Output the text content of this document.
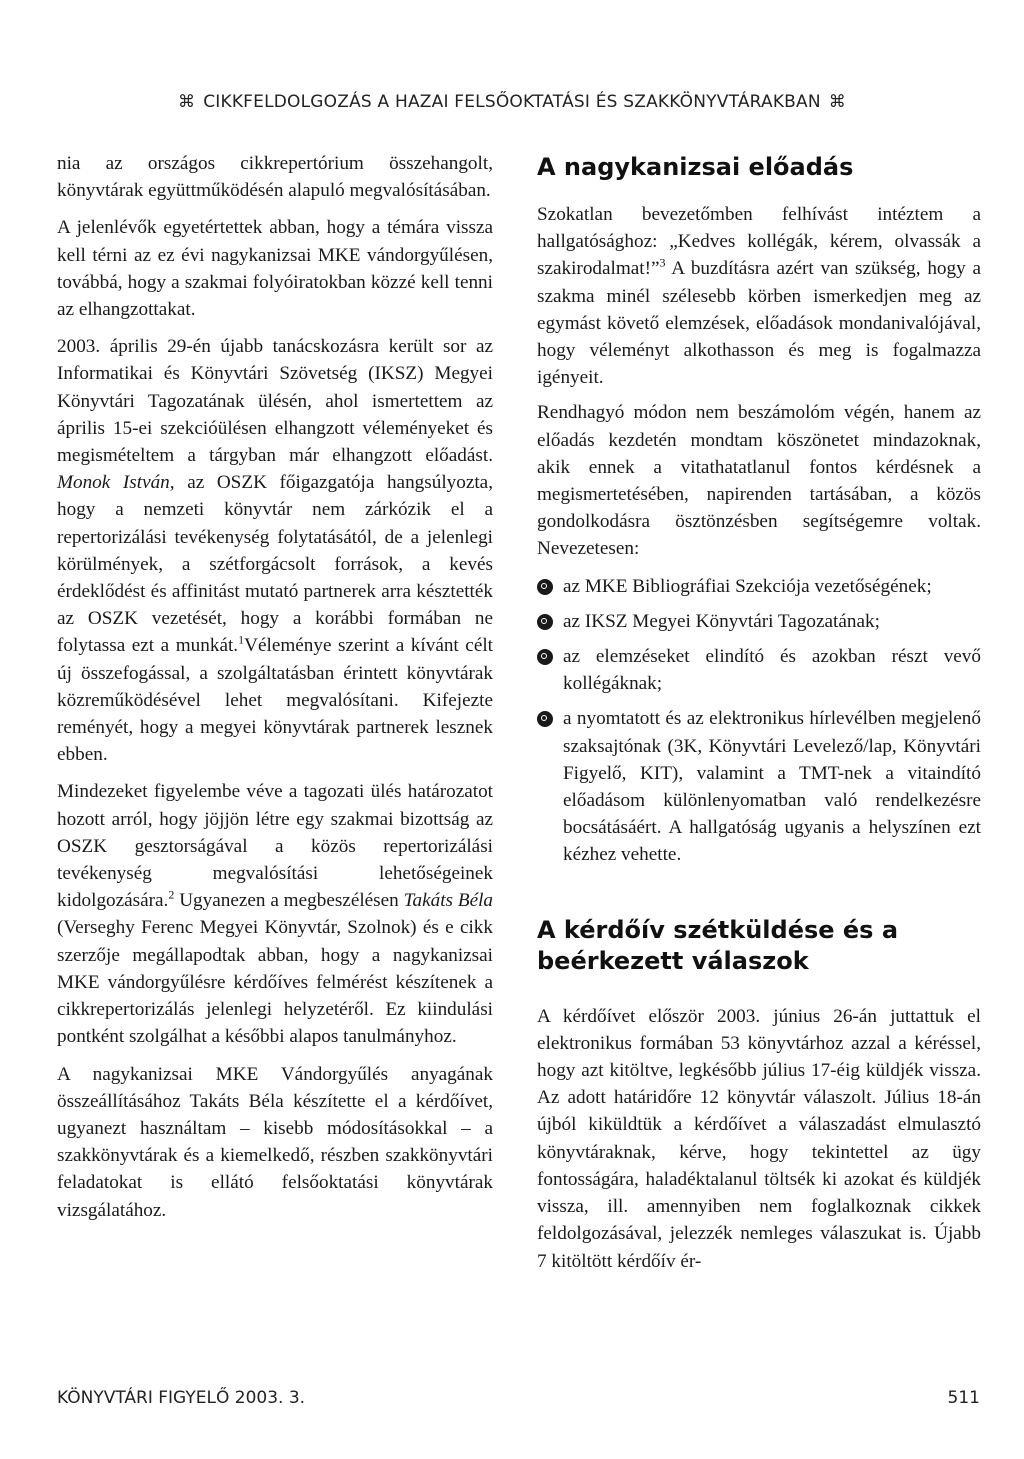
⌘ CIKKFELDOLGOZÁS A HAZAI FELSŐOKTATÁSI ÉS SZAKKÖNYVTÁRAKBAN ⌘

nia az országos cikkrepertórium összehangolt, könyvtárak együttműködésén alapuló megvalósításában.

A jelenlévők egyetértettek abban, hogy a témára vissza kell térni az ez évi nagykanizsai MKE vándorgyűlésen, továbbá, hogy a szakmai folyóiratokban közzé kell tenni az elhangzottakat.

2003. április 29-én újabb tanácskozásra került sor az Informatikai és Könyvtári Szövetség (IKSZ) Megyei Könyvtári Tagozatának ülésén, ahol ismertettem az április 15-ei szekcióülésen elhangzott véleményeket és megismételtem a tárgyban már elhangzott előadást. Monok István, az OSZK főigazgatója hangsúlyozta, hogy a nemzeti könyvtár nem zárkózik el a repertorizálási tevékenység folytatásától, de a jelenlegi körülmények, a szétforgácsolt források, a kevés érdeklődést és affinitást mutató partnerek arra késztették az OSZK vezetését, hogy a korábbi formában ne folytassa ezt a munkát.$^1$Véleménye szerint a kívánt célt új összefogással, a szolgáltatásban érintett könyvtárak közreműködésével lehet megvalósítani. Kifejezte reményét, hogy a megyei könyvtárak partnerek lesznek ebben.

Mindezeket figyelembe véve a tagozati ülés határozatot hozott arról, hogy jöjjön létre egy szakmai bizottság az OSZK gesztorságával a közös repertorizálási tevékenység megvalósítási lehetőségeinek kidolgozására.$^2$ Ugyanezen a megbeszélésen Takáts Béla (Verseghy Ferenc Megyei Könyvtár, Szolnok) és e cikk szerzője megállapodtak abban, hogy a nagykanizsai MKE vándorgyűlésre kérdőíves felmérést készítenek a cikkrepertorizálás jelenlegi helyzetéről. Ez kiindulási pontként szolgálhat a későbbi alapos tanulmányhoz.

A nagykanizsai MKE Vándorgyűlés anyagának összeállításához Takáts Béla készítette el a kérdőívet, ugyanezt használtam – kisebb módosításokkal – a szakkönyvtárak és a kiemelkedő, részben szakkönyvtári feladatokat is ellátó felsőoktatási könyvtárak vizsgálatához.

A nagykanizsai előadás

Szokatlan bevezetőmben felhívást intéztem a hallgatósághoz: „Kedves kollégák, kérem, olvassák a szakirodalmat!”$^3$ A buzdításra azért van szükség, hogy a szakma minél szélesebb körben ismerkedjen meg az egymást követő elemzések, előadások mondanivalójával, hogy véleményt alkothasson és meg is fogalmazza igényeit.

Rendhagyó módon nem beszámolóm végén, hanem az előadás kezdetén mondtam köszönetet mindazoknak, akik ennek a vitathatatlanul fontos kérdésnek a megismertetésében, napirenden tartásában, a közös gondolkodásra ösztönzésben segítségemre voltak. Nevezetesen:

az MKE Bibliográfiai Szekciója vezetőségének;
az IKSZ Megyei Könyvtári Tagozatának;
az elemzéseket elindító és azokban részt vevő kollégáknak;
a nyomtatott és az elektronikus hírlevélben megjelenő szaksajtónak (3K, Könyvtári Levelező/lap, Könyvtári Figyelő, KIT), valamint a TMT-nek a vitaindító előadásom különlenyomatban való rendelkezésre bocsátásáért. A hallgatóság ugyanis a helyszínen ezt kézhez vehette.
A kérdőív szétküldése és a beérkezett válaszok

A kérdőívet először 2003. június 26-án juttattuk el elektronikus formában 53 könyvtárhoz azzal a kéréssel, hogy azt kitöltve, legkésőbb július 17-éig küldjék vissza. Az adott határidőre 12 könyvtár válaszolt. Július 18-án újból kiküldtük a kérdőívet a válaszadást elmulasztó könyvtáraknak, kérve, hogy tekintettel az ügy fontosságára, haladéktalanul töltsék ki azokat és küldjék vissza, ill. amennyiben nem foglalkoznak cikkek feldolgozásával, jelezzék nemleges válaszukat is. Újabb 7 kitöltött kérdőív ér-

KÖNYVTÁRI FIGYELŐ 2003. 3.	511
